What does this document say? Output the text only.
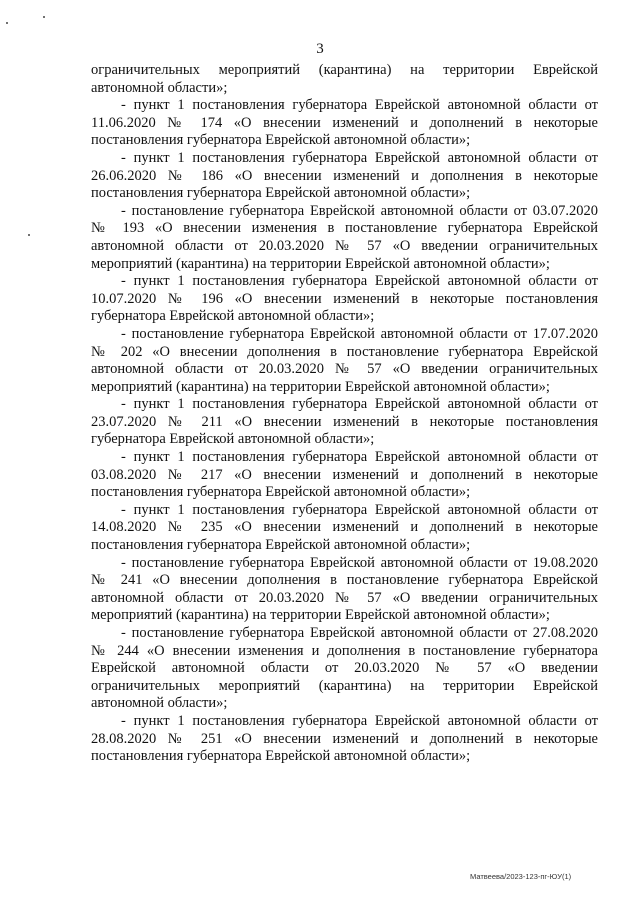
3

ограничительных мероприятий (карантина) на территории Еврейской автономной области»;

- пункт 1 постановления губернатора Еврейской автономной области от 11.06.2020 № 174 «О внесении изменений и дополнений в некоторые постановления губернатора Еврейской автономной области»;

- пункт 1 постановления губернатора Еврейской автономной области от 26.06.2020 № 186 «О внесении изменений и дополнения в некоторые постановления губернатора Еврейской автономной области»;

- постановление губернатора Еврейской автономной области от 03.07.2020 № 193 «О внесении изменения в постановление губернатора Еврейской автономной области от 20.03.2020 № 57 «О введении ограничительных мероприятий (карантина) на территории Еврейской автономной области»;

- пункт 1 постановления губернатора Еврейской автономной области от 10.07.2020 № 196 «О внесении изменений в некоторые постановления губернатора Еврейской автономной области»;

- постановление губернатора Еврейской автономной области от 17.07.2020 № 202 «О внесении дополнения в постановление губернатора Еврейской автономной области от 20.03.2020 № 57 «О введении ограничительных мероприятий (карантина) на территории Еврейской автономной области»;

- пункт 1 постановления губернатора Еврейской автономной области от 23.07.2020 № 211 «О внесении изменений в некоторые постановления губернатора Еврейской автономной области»;

- пункт 1 постановления губернатора Еврейской автономной области от 03.08.2020 № 217 «О внесении изменений и дополнений в некоторые постановления губернатора Еврейской автономной области»;

- пункт 1 постановления губернатора Еврейской автономной области от 14.08.2020 № 235 «О внесении изменений и дополнений в некоторые постановления губернатора Еврейской автономной области»;

- постановление губернатора Еврейской автономной области от 19.08.2020 № 241 «О внесении дополнения в постановление губернатора Еврейской автономной области от 20.03.2020 № 57 «О введении ограничительных мероприятий (карантина) на территории Еврейской автономной области»;

- постановление губернатора Еврейской автономной области от 27.08.2020 № 244 «О внесении изменения и дополнения в постановление губернатора Еврейской автономной области от 20.03.2020 № 57 «О введении ограничительных мероприятий (карантина) на территории Еврейской автономной области»;

- пункт 1 постановления губернатора Еврейской автономной области от 28.08.2020 № 251 «О внесении изменений и дополнений в некоторые постановления губернатора Еврейской автономной области»;

Матвеева/2023-123-пг-ЮУ(1)
